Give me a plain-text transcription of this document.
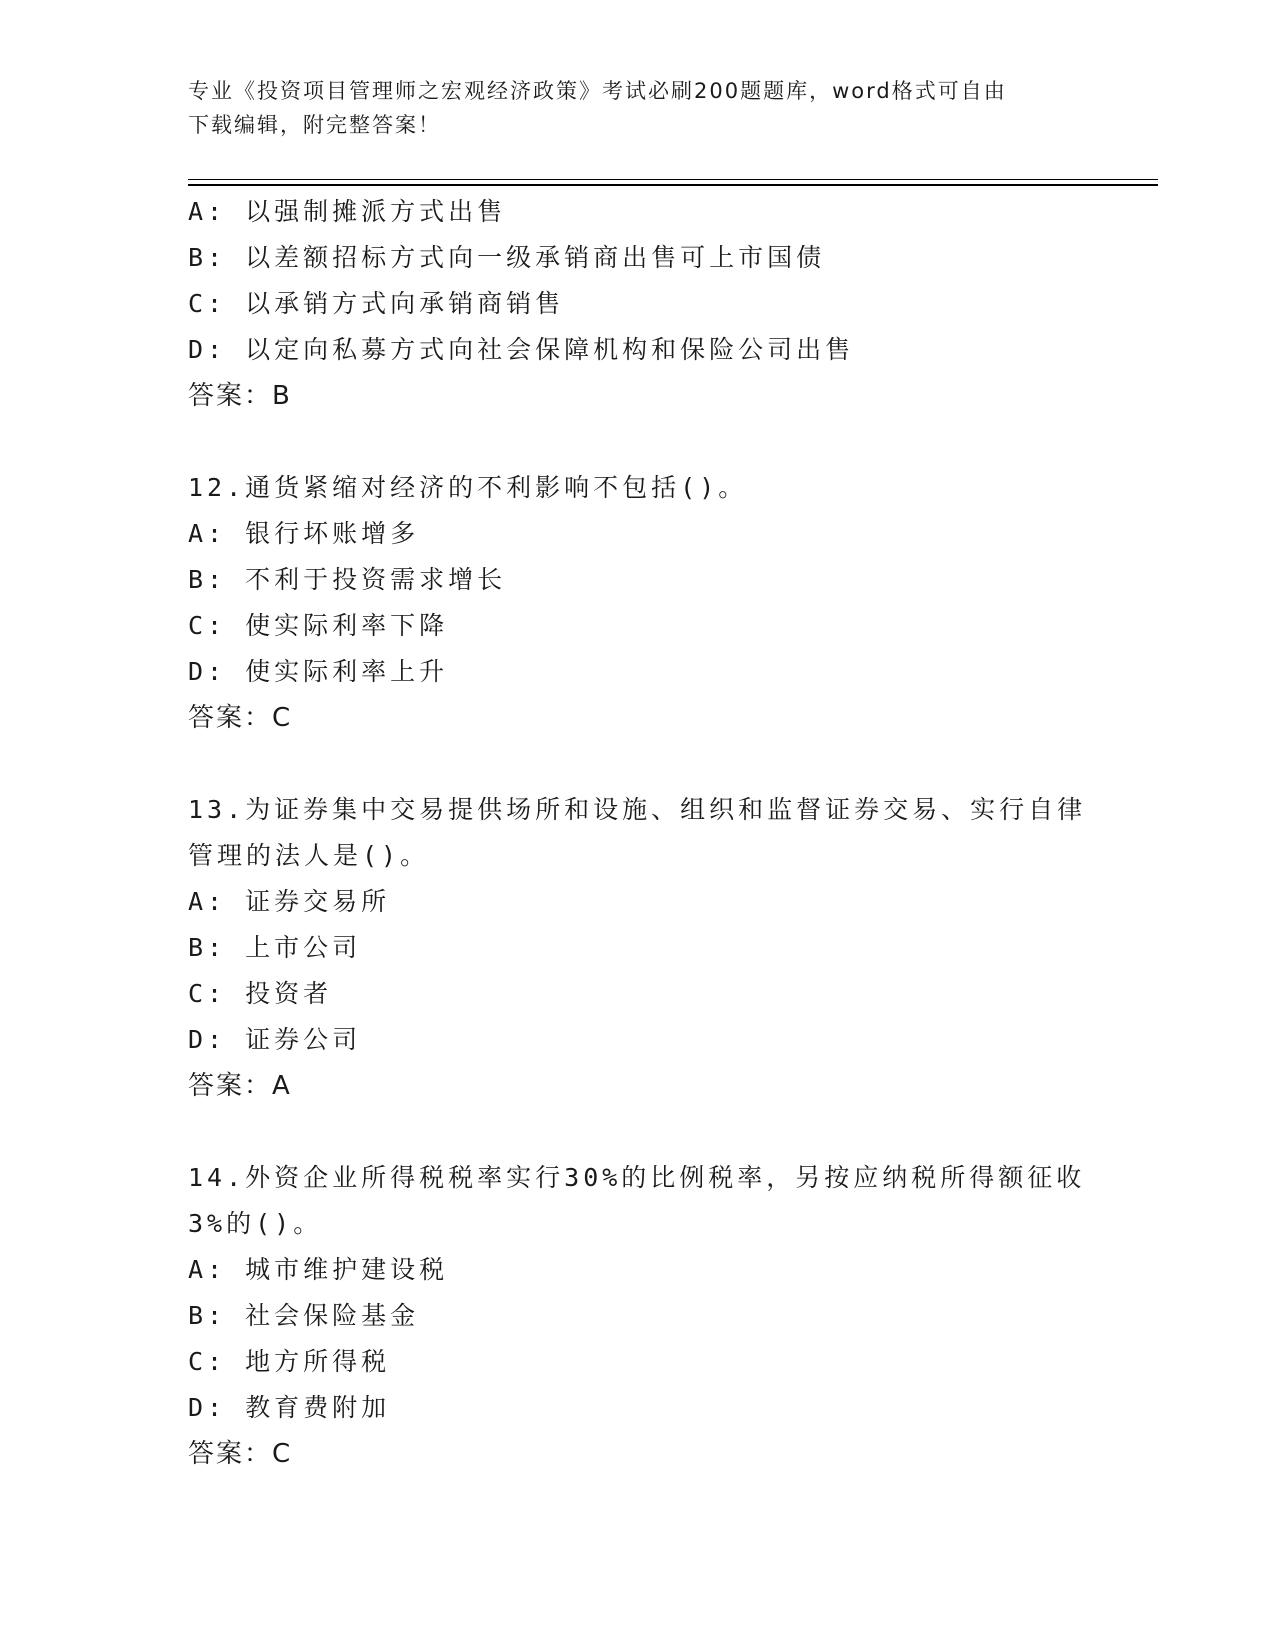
专业《投资项目管理师之宏观经济政策》考试必刷200题题库，word格式可自由
下载编辑，附完整答案！
A: 以强制摊派方式出售
B: 以差额招标方式向一级承销商出售可上市国债
C: 以承销方式向承销商销售
D: 以定向私募方式向社会保障机构和保险公司出售
答案：B
12.通货紧缩对经济的不利影响不包括()。
A: 银行坏账增多
B: 不利于投资需求增长
C: 使实际利率下降
D: 使实际利率上升
答案：C
13.为证券集中交易提供场所和设施、组织和监督证券交易、实行自律
管理的法人是()。
A: 证券交易所
B: 上市公司
C: 投资者
D: 证券公司
答案：A
14.外资企业所得税税率实行30%的比例税率，另按应纳税所得额征收
3%的()。
A: 城市维护建设税
B: 社会保险基金
C: 地方所得税
D: 教育费附加
答案：C
